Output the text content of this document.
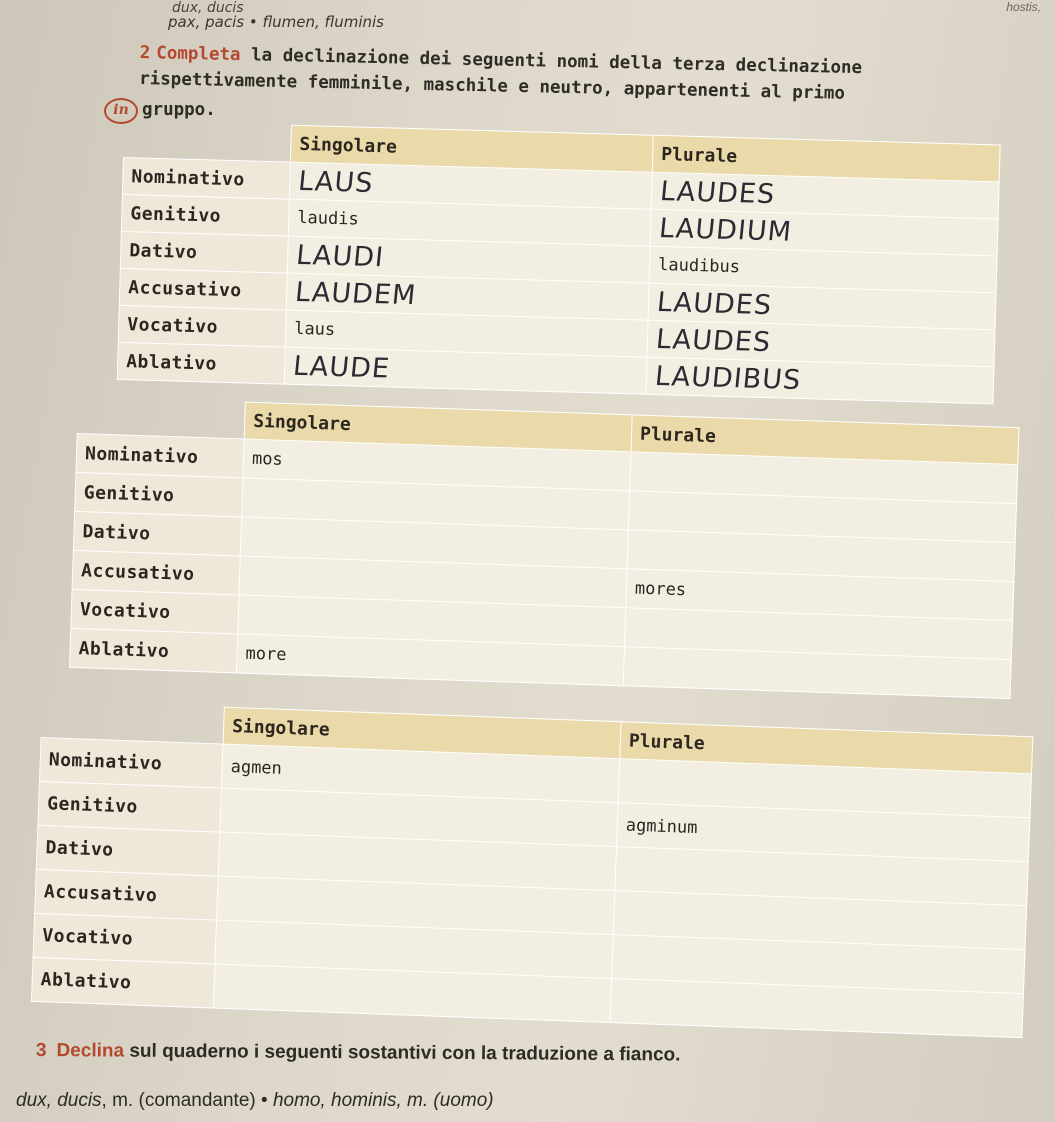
dux, ducis
pax, pacis • flumen, fluminis
hostis,
2 Completa la declinazione dei seguenti nomi della terza declinazione
rispettivamente femminile, maschile e neutro, appartenenti al primo
in gruppo.
	Singolare	Plurale
Nominativo	LAUS	LAUDES
Genitivo	laudis	LAUDIUM
Dativo	LAUDI	laudibus
Accusativo	LAUDEM	LAUDES
Vocativo	laus	LAUDES
Ablativo	LAUDE	LAUDIBUS
	Singolare	Plurale
Nominativo	mos	
Genitivo		
Dativo		
Accusativo		mores
Vocativo		
Ablativo	more	
	Singolare	Plurale
Nominativo	agmen	
Genitivo		agminum
Dativo		
Accusativo		
Vocativo		
Ablativo		
3 Declina sul quaderno i seguenti sostantivi con la traduzione a fianco.
dux, ducis, m. (comandante) • homo, hominis, m. (uomo)
